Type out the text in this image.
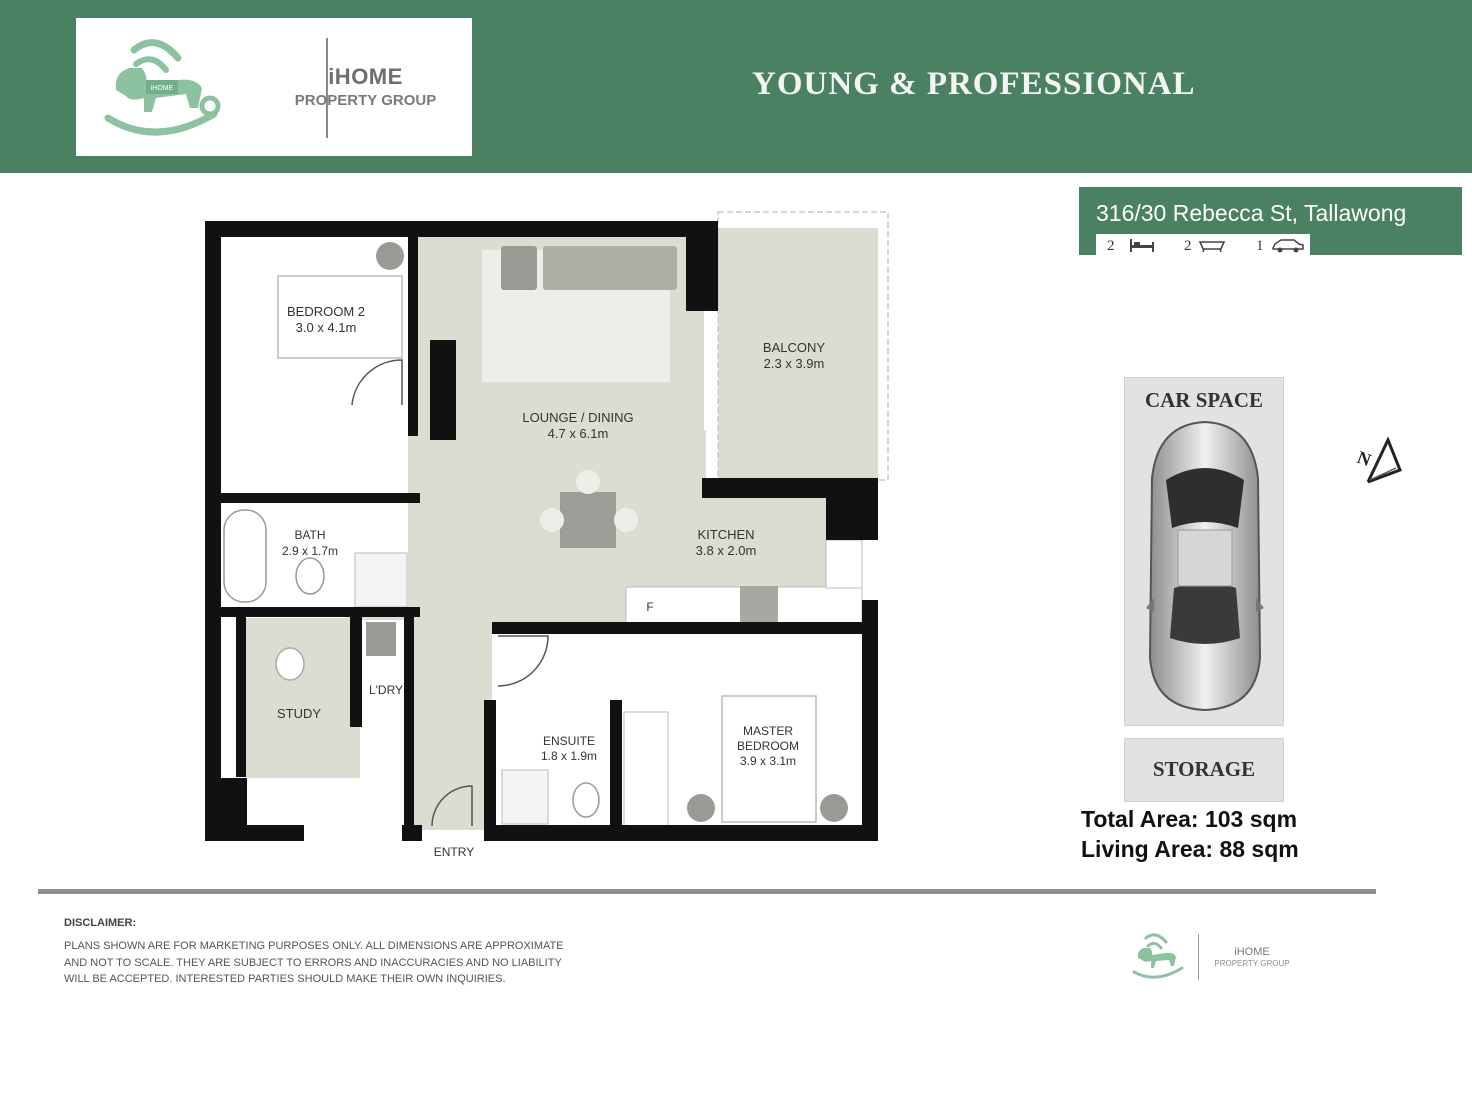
iHOME	iHOME
PROPERTY GROUP	YOUNG & PROFESSIONAL
316/30 Rebecca St, Tallawong
2	2	1
BEDROOM 2
3.0 x 4.1m
BALCONY
2.3 x 3.9m
LOUNGE / DINING
4.7 x 6.1m
BATH
2.9 x 1.7m
KITCHEN
3.8 x 2.0m
F
L'DRY
STUDY
ENSUITE
1.8 x 1.9m
MASTER
BEDROOM
3.9 x 3.1m
ENTRY
CAR SPACE
N
STORAGE
Total Area: 103 sqm
Living Area: 88 sqm
DISCLAIMER:
PLANS SHOWN ARE FOR MARKETING PURPOSES ONLY. ALL DIMENSIONS ARE APPROXIMATE AND NOT TO SCALE. THEY ARE SUBJECT TO ERRORS AND INACCURACIES AND NO LIABILITY WILL BE ACCEPTED. INTERESTED PARTIES SHOULD MAKE THEIR OWN INQUIRIES.
iHOME
PROPERTY GROUP
